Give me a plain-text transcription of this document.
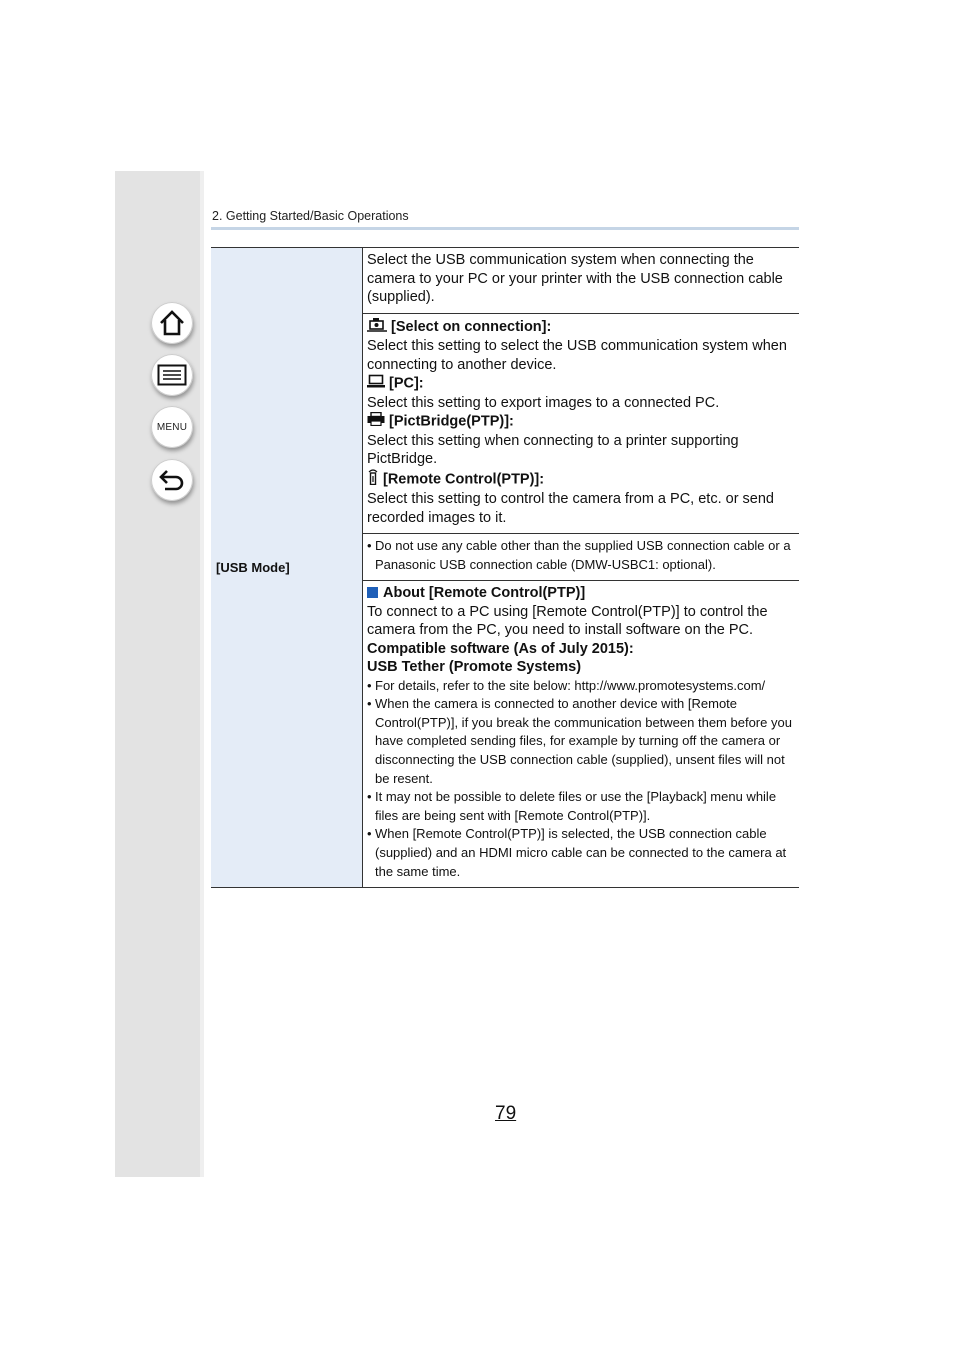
MENU
2. Getting Started/Basic Operations
[USB Mode]
Select the USB communication system when connecting the camera to your PC or your printer with the USB connection cable (supplied).
[Select on connection]:
Select this setting to select the USB communication system when connecting to another device.
[PC]:
Select this setting to export images to a connected PC.
[PictBridge(PTP)]:
Select this setting when connecting to a printer supporting PictBridge.
[Remote Control(PTP)]:
Select this setting to control the camera from a PC, etc. or send recorded images to it.
• Do not use any cable other than the supplied USB connection cable or a Panasonic USB connection cable (DMW-USBC1: optional).
About [Remote Control(PTP)]
To connect to a PC using [Remote Control(PTP)] to control the camera from the PC, you need to install software on the PC.
Compatible software (As of July 2015):
USB Tether (Promote Systems)
• For details, refer to the site below: http://www.promotesystems.com/
• When the camera is connected to another device with [Remote Control(PTP)], if you break the communication between them before you have completed sending files, for example by turning off the camera or disconnecting the USB connection cable (supplied), unsent files will not be resent.
• It may not be possible to delete files or use the [Playback] menu while files are being sent with [Remote Control(PTP)].
• When [Remote Control(PTP)] is selected, the USB connection cable (supplied) and an HDMI micro cable can be connected to the camera at the same time.
79
